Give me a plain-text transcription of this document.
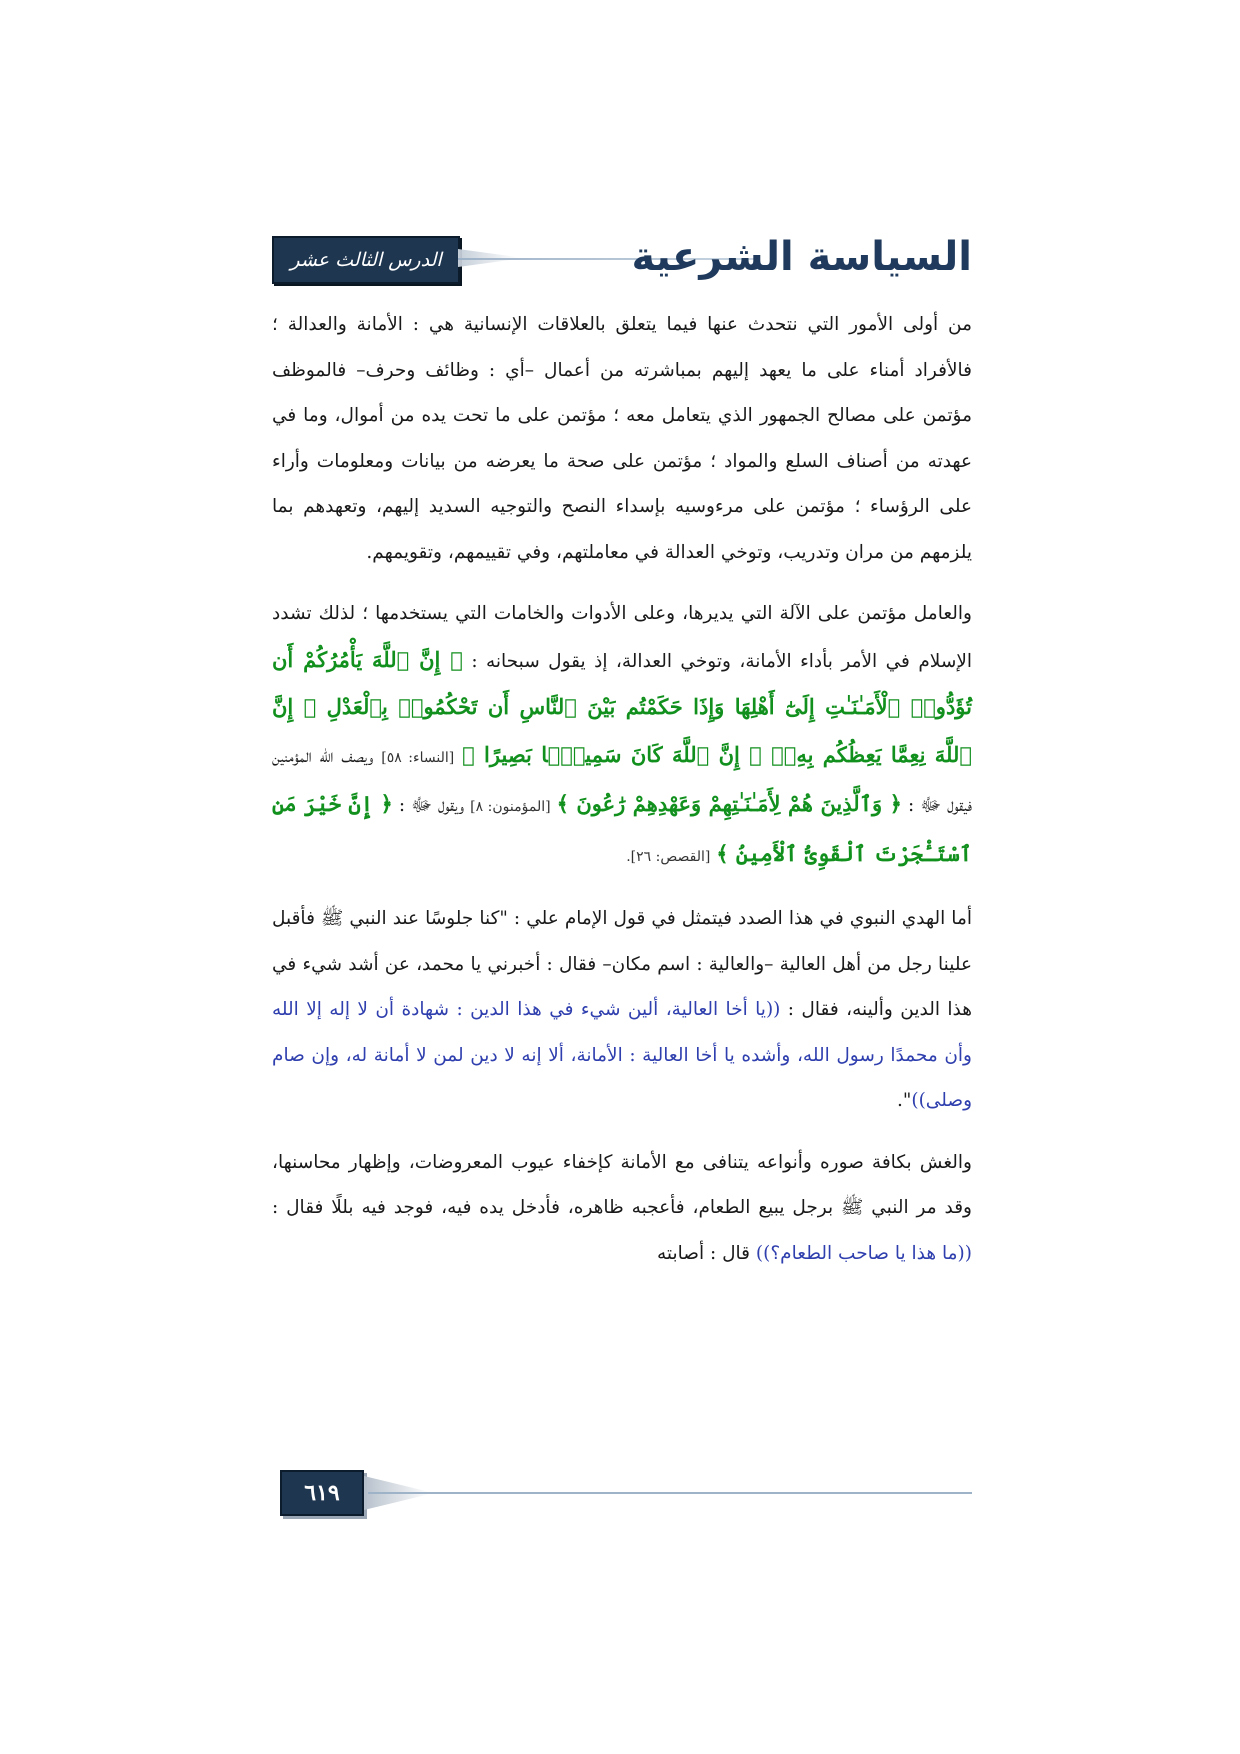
الدرس الثالث عشر	السياسة الشرعية

من أولى الأمور التي نتحدث عنها فيما يتعلق بالعلاقات الإنسانية هي : الأمانة والعدالة ؛ فالأفراد أمناء على ما يعهد إليهم بمباشرته من أعمال –أي : وظائف وحرف– فالموظف مؤتمن على مصالح الجمهور الذي يتعامل معه ؛ مؤتمن على ما تحت يده من أموال، وما في عهدته من أصناف السلع والمواد ؛ مؤتمن على صحة ما يعرضه من بيانات ومعلومات وأراء على الرؤساء ؛ مؤتمن على مرءوسيه بإسداء النصح والتوجيه السديد إليهم، وتعهدهم بما يلزمهم من مران وتدريب، وتوخي العدالة في معاملتهم، وفي تقييمهم، وتقويمهم.

والعامل مؤتمن على الآلة التي يديرها، وعلى الأدوات والخامات التي يستخدمها ؛ لذلك تشدد الإسلام في الأمر بأداء الأمانة، وتوخي العدالة، إذ يقول سبحانه : ﴿ إِنَّ ٱللَّهَ يَأْمُرُكُمْ أَن تُؤَدُّوا۟ ٱلْأَمَـٰنَـٰتِ إِلَىٰٓ أَهْلِهَا وَإِذَا حَكَمْتُم بَيْنَ ٱلنَّاسِ أَن تَحْكُمُوا۟ بِٱلْعَدْلِ ۚ إِنَّ ٱللَّهَ نِعِمَّا يَعِظُكُم بِهِۦٓ ۗ إِنَّ ٱللَّهَ كَانَ سَمِيعًۢا بَصِيرًا ﴾ [النساء: ٥٨] ويصف الله المؤمنين فيقول ﷻ : ﴿ وَٱلَّذِينَ هُمْ لِأَمَـٰنَـٰتِهِمْ وَعَهْدِهِمْ رَٰعُونَ ﴾ [المؤمنون: ٨] ويقول ﷻ : ﴿ إِنَّ خَيْرَ مَنِ ٱسْتَـْٔجَرْتَ ٱلْقَوِىُّ ٱلْأَمِينُ ﴾ [القصص: ٢٦].

أما الهدي النبوي في هذا الصدد فيتمثل في قول الإمام علي : "كنا جلوسًا عند النبي ﷺ فأقبل علينا رجل من أهل العالية –والعالية : اسم مكان– فقال : أخبرني يا محمد، عن أشد شيء في هذا الدين وألينه، فقال : ((يا أخا العالية، ألين شيء في هذا الدين : شهادة أن لا إله إلا الله وأن محمدًا رسول الله، وأشده يا أخا العالية : الأمانة، ألا إنه لا دين لمن لا أمانة له، وإن صام وصلى))".

والغش بكافة صوره وأنواعه يتنافى مع الأمانة كإخفاء عيوب المعروضات، وإظهار محاسنها، وقد مر النبي ﷺ برجل يبيع الطعام، فأعجبه ظاهره، فأدخل يده فيه، فوجد فيه بللًا فقال : ((ما هذا يا صاحب الطعام؟)) قال : أصابته

٦١٩
